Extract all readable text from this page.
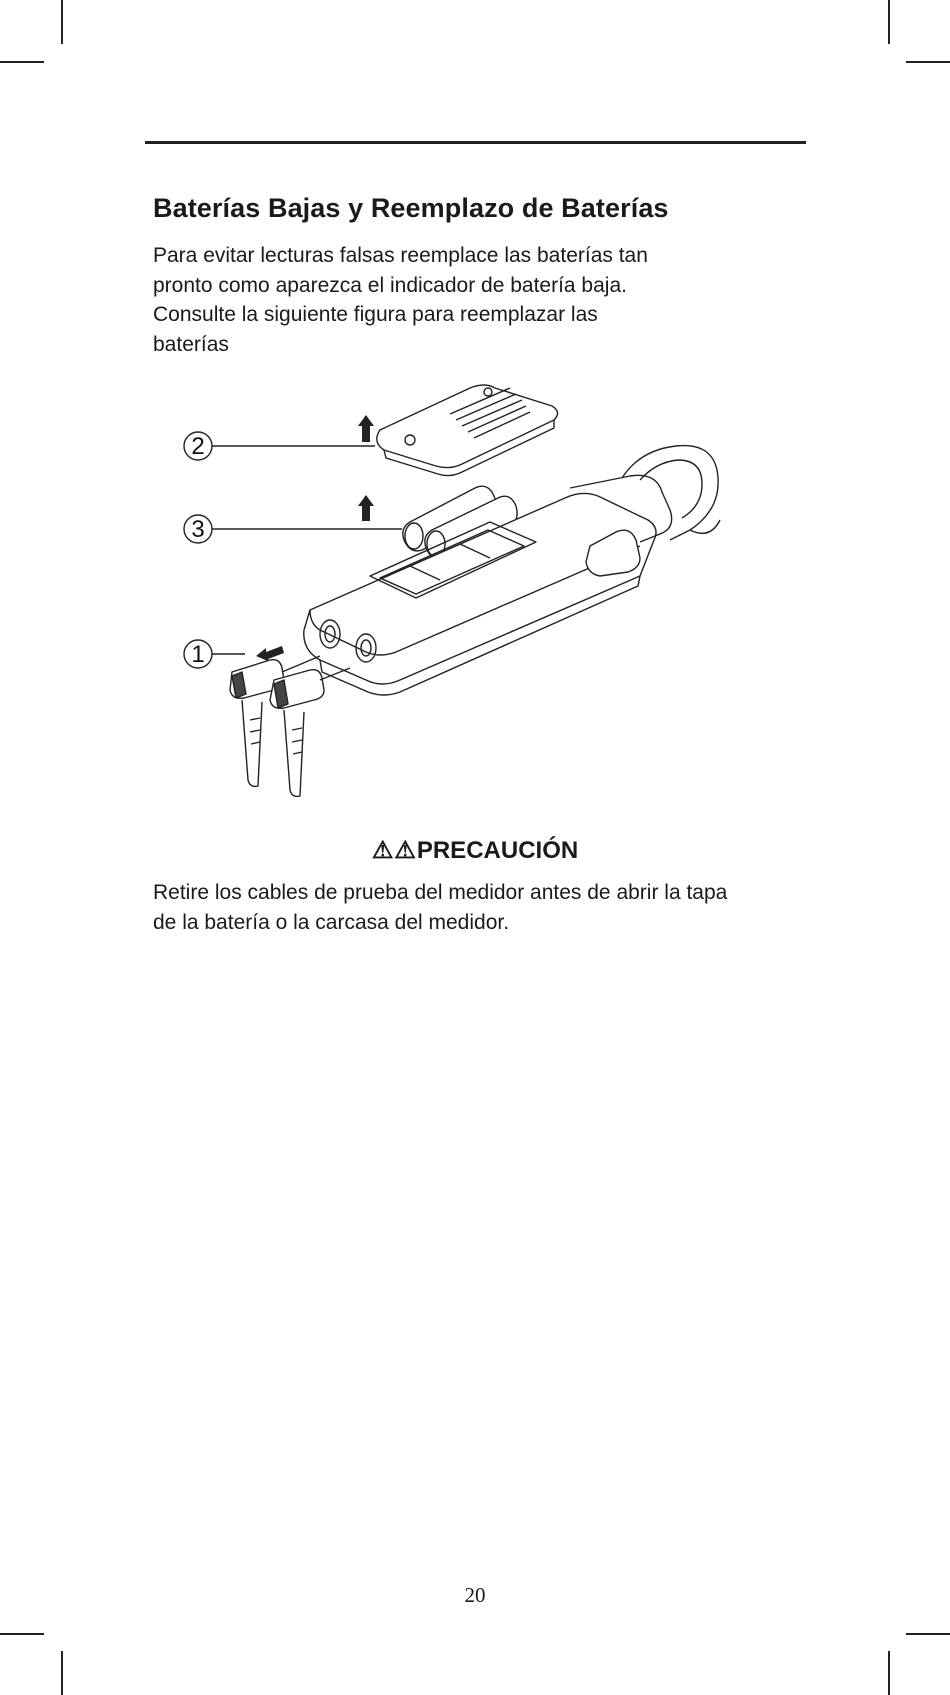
Baterías Bajas y Reemplazo de Baterías

Para evitar lecturas falsas reemplace las baterías tan
pronto como aparezca el indicador de batería baja.
Consulte la siguiente figura para reemplazar las
baterías

2
3
1
⚠⚠PRECAUCIÓN

Retire los cables de prueba del medidor antes de abrir la tapa
de la batería o la carcasa del medidor.

20
